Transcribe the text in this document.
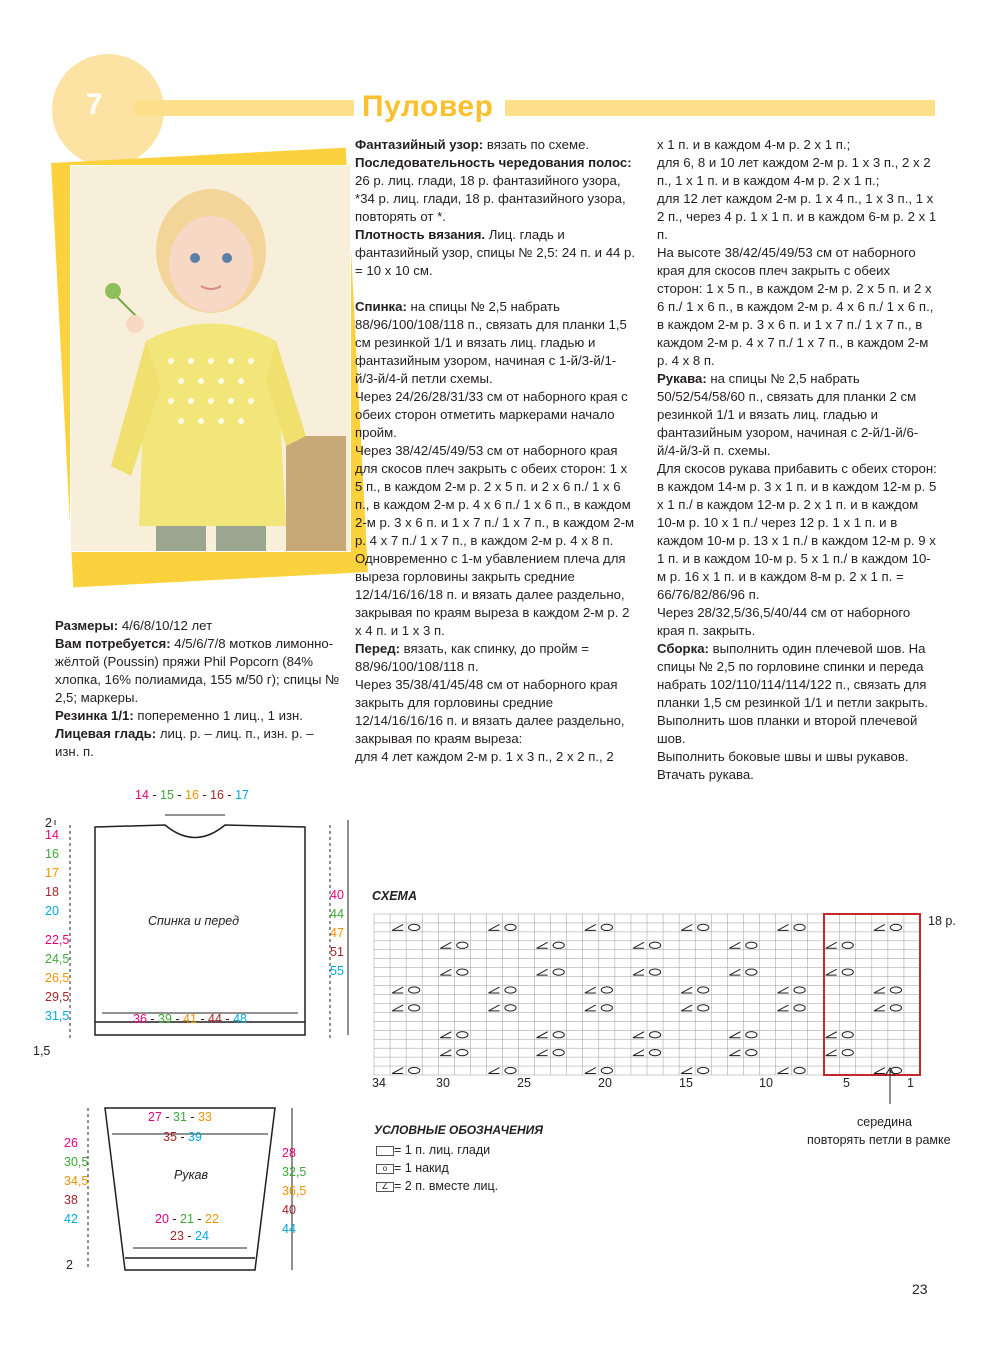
7	Пуловер

Размеры: 4/6/8/10/12 лет

Вам потребуется: 4/5/6/7/8 мотков лимонно-жёлтой (Poussin) пряжи Phil Popcorn (84% хлопка, 16% полиамида, 155 м/50 г); спицы № 2,5; маркеры.

Резинка 1/1: попеременно 1 лиц., 1 изн.

Лицевая гладь: лиц. р. – лиц. п., изн. р. – изн. п.

Фантазийный узор: вязать по схеме.

Последовательность чередования полос: 26 р. лиц. глади, 18 р. фантазийного узора, *34 р. лиц. глади, 18 р. фантазийного узора, повторять от *.

Плотность вязания. Лиц. гладь и фантазийный узор, спицы № 2,5: 24 п. и 44 р. = 10 х 10 см.

Спинка: на спицы № 2,5 набрать 88/96/100/108/118 п., связать для планки 1,5 см резинкой 1/1 и вязать лиц. гладью и фантазийным узором, начиная с 1-й/3-й/1-й/3-й/4-й петли схемы.

Через 24/26/28/31/33 см от наборного края с обеих сторон отметить маркерами начало пройм.

Через 38/42/45/49/53 см от наборного края для скосов плеч закрыть с обеих сторон: 1 х 5 п., в каждом 2-м р. 2 х 5 п. и 2 х 6 п./ 1 х 6 п., в каждом 2-м р. 4 х 6 п./ 1 х 6 п., в каждом 2-м р. 3 х 6 п. и 1 х 7 п./ 1 х 7 п., в каждом 2-м р. 4 х 7 п./ 1 х 7 п., в каждом 2-м р. 4 х 8 п.

Одновременно с 1-м убавлением плеча для выреза горловины закрыть средние 12/14/16/16/18 п. и вязать далее раздельно, закрывая по краям выреза в каждом 2-м р. 2 х 4 п. и 1 х 3 п.

Перед: вязать, как спинку, до пройм = 88/96/100/108/118 п.

Через 35/38/41/45/48 см от наборного края закрыть для горловины средние 12/14/16/16/16 п. и вязать далее раздельно, закрывая по краям выреза:

для 4 лет каждом 2-м р. 1 х 3 п., 2 х 2 п., 2

х 1 п. и в каждом 4-м р. 2 х 1 п.;

для 6, 8 и 10 лет каждом 2-м р. 1 х 3 п., 2 х 2 п., 1 х 1 п. и в каждом 4-м р. 2 х 1 п.;

для 12 лет каждом 2-м р. 1 х 4 п., 1 х 3 п., 1 х 2 п., через 4 р. 1 х 1 п. и в каждом 6-м р. 2 х 1 п.

На высоте 38/42/45/49/53 см от наборного края для скосов плеч закрыть с обеих сторон: 1 х 5 п., в каждом 2-м р. 2 х 5 п. и 2 х 6 п./ 1 х 6 п., в каждом 2-м р. 4 х 6 п./ 1 х 6 п., в каждом 2-м р. 3 х 6 п. и 1 х 7 п./ 1 х 7 п., в каждом 2-м р. 4 х 7 п./ 1 х 7 п., в каждом 2-м р. 4 х 8 п.

Рукава: на спицы № 2,5 набрать 50/52/54/58/60 п., связать для планки 2 см резинкой 1/1 и вязать лиц. гладью и фантазийным узором, начиная с 2-й/1-й/6-й/4-й/3-й п. схемы.

Для скосов рукава прибавить с обеих сторон: в каждом 14-м р. 3 х 1 п. и в каждом 12-м р. 5 х 1 п./ в каждом 12-м р. 2 х 1 п. и в каждом 10-м р. 10 х 1 п./ через 12 р. 1 х 1 п. и в каждом 10-м р. 13 х 1 п./ в каждом 12-м р. 9 х 1 п. и в каждом 10-м р. 5 х 1 п./ в каждом 10-м р. 16 х 1 п. и в каждом 8-м р. 2 х 1 п. = 66/76/82/86/96 п.

Через 28/32,5/36,5/40/44 см от наборного края п. закрыть.

Сборка: выполнить один плечевой шов. На спицы № 2,5 по горловине спинки и переда набрать 102/110/114/114/122 п., связать для планки 1,5 см резинкой 1/1 и петли закрыть. Выполнить шов планки и второй плечевой шов.

Выполнить боковые швы и швы рукавов. Втачать рукава.

14 - 15 - 16 - 16 - 17
2
14
16
17
18
20
22,5
24,5
26,5
29,5
31,5
40
44
47
51
55
Спинка и перед
36 - 39 - 41 - 44 - 48
1,5
27 - 31 - 33
35 - 39
26
30,5
34,5
38
42
28
32,5
36,5
40
44
Рукав
20 - 21 - 22
23 - 24
2
СХЕМА
18 р.
34	30	25	20	15	10	5	1
середина
повторять петли в рамке
УСЛОВНЫЕ ОБОЗНАЧЕНИЯ
= 1 п. лиц. глади
o = 1 накид
∠ = 2 п. вместе лиц.
23
